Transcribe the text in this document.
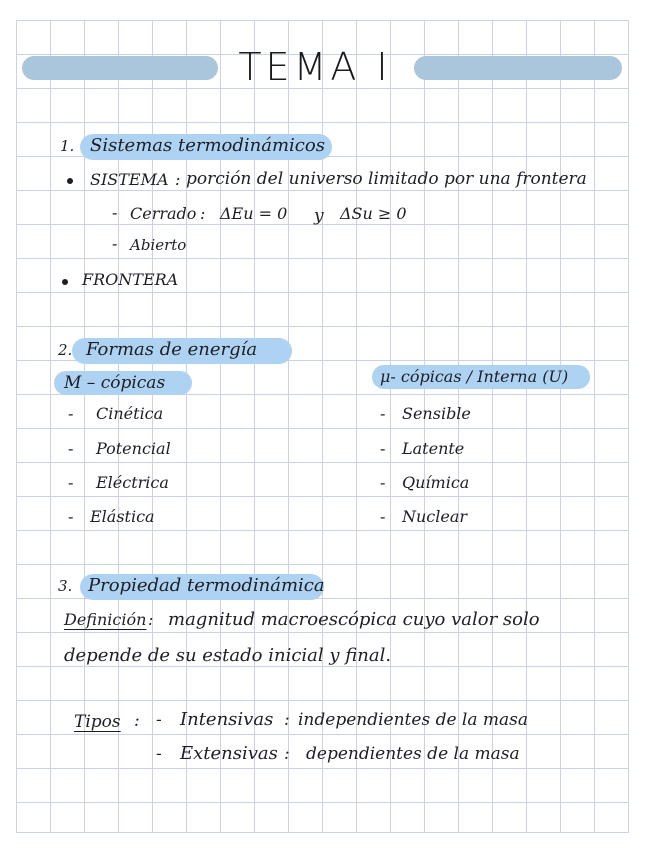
TEMA I
1. Sistemas termodinámicos
SISTEMA : porción del universo limitado por una frontera
- Cerrado : ΔEu = 0 y ΔSu ≥ 0
- Abierto
FRONTERA
2. Formas de energía
M – cópicas	μ- cópicas / Interna (U)
- Cinética
- Potencial
- Eléctrica
- Elástica
- Sensible
- Latente
- Química
- Nuclear
3. Propiedad termodinámica
Definición : magnitud macroescópica cuyo valor solo
depende de su estado inicial y final.
Tipos : - Intensivas : independientes de la masa
- Extensivas : dependientes de la masa
